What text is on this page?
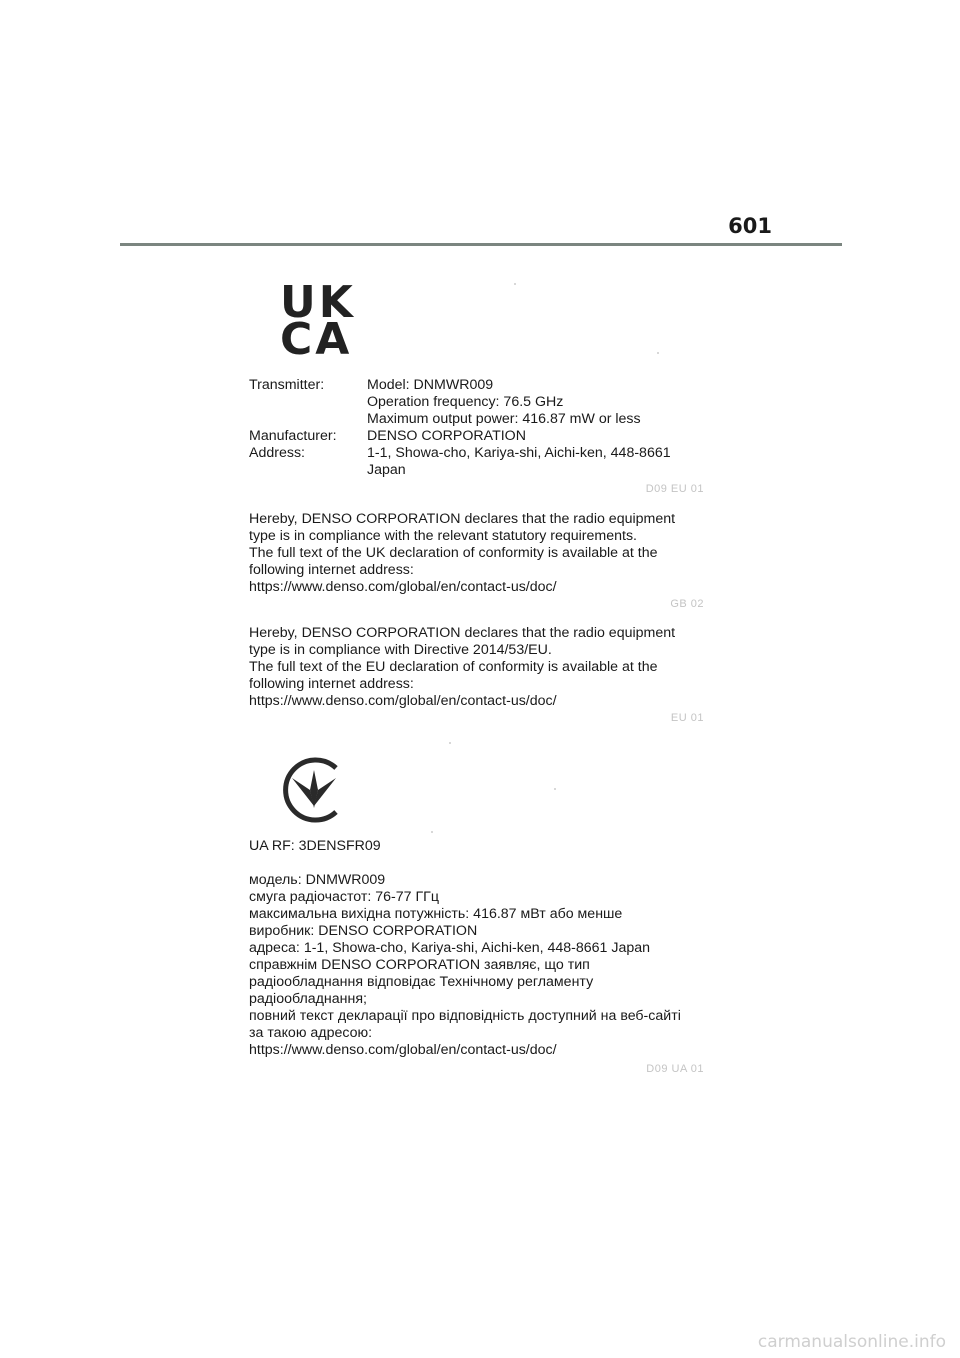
601
UK
CA
Transmitter:	Model: DNMWR009
	Operation frequency: 76.5 GHz
	Maximum output power: 416.87 mW or less
Manufacturer:	DENSO CORPORATION
Address:	1-1, Showa-cho, Kariya-shi, Aichi-ken, 448-8661
	Japan
D09 EU 01

Hereby, DENSO CORPORATION declares that the radio equipment

type is in compliance with the relevant statutory requirements.

The full text of the UK declaration of conformity is available at the

following internet address:

https://www.denso.com/global/en/contact-us/doc/

GB 02

Hereby, DENSO CORPORATION declares that the radio equipment

type is in compliance with Directive 2014/53/EU.

The full text of the EU declaration of conformity is available at the

following internet address:

https://www.denso.com/global/en/contact-us/doc/

EU 01
UA RF: 3DENSFR09

модель: DNMWR009

смуга радіочастот: 76-77 ГГц

максимальна вихідна потужність: 416.87 мВт або менше

виробник: DENSO CORPORATION

адреса: 1-1, Showa-cho, Kariya-shi, Aichi-ken, 448-8661 Japan

справжнім DENSO CORPORATION заявляє, що тип

радіообладнання відповідає Технічному регламенту

радіообладнання;

повний текст декларації про відповідність доступний на веб-сайті

за такою адресою:

https://www.denso.com/global/en/contact-us/doc/

D09 UA 01
carmanualsonline.info
